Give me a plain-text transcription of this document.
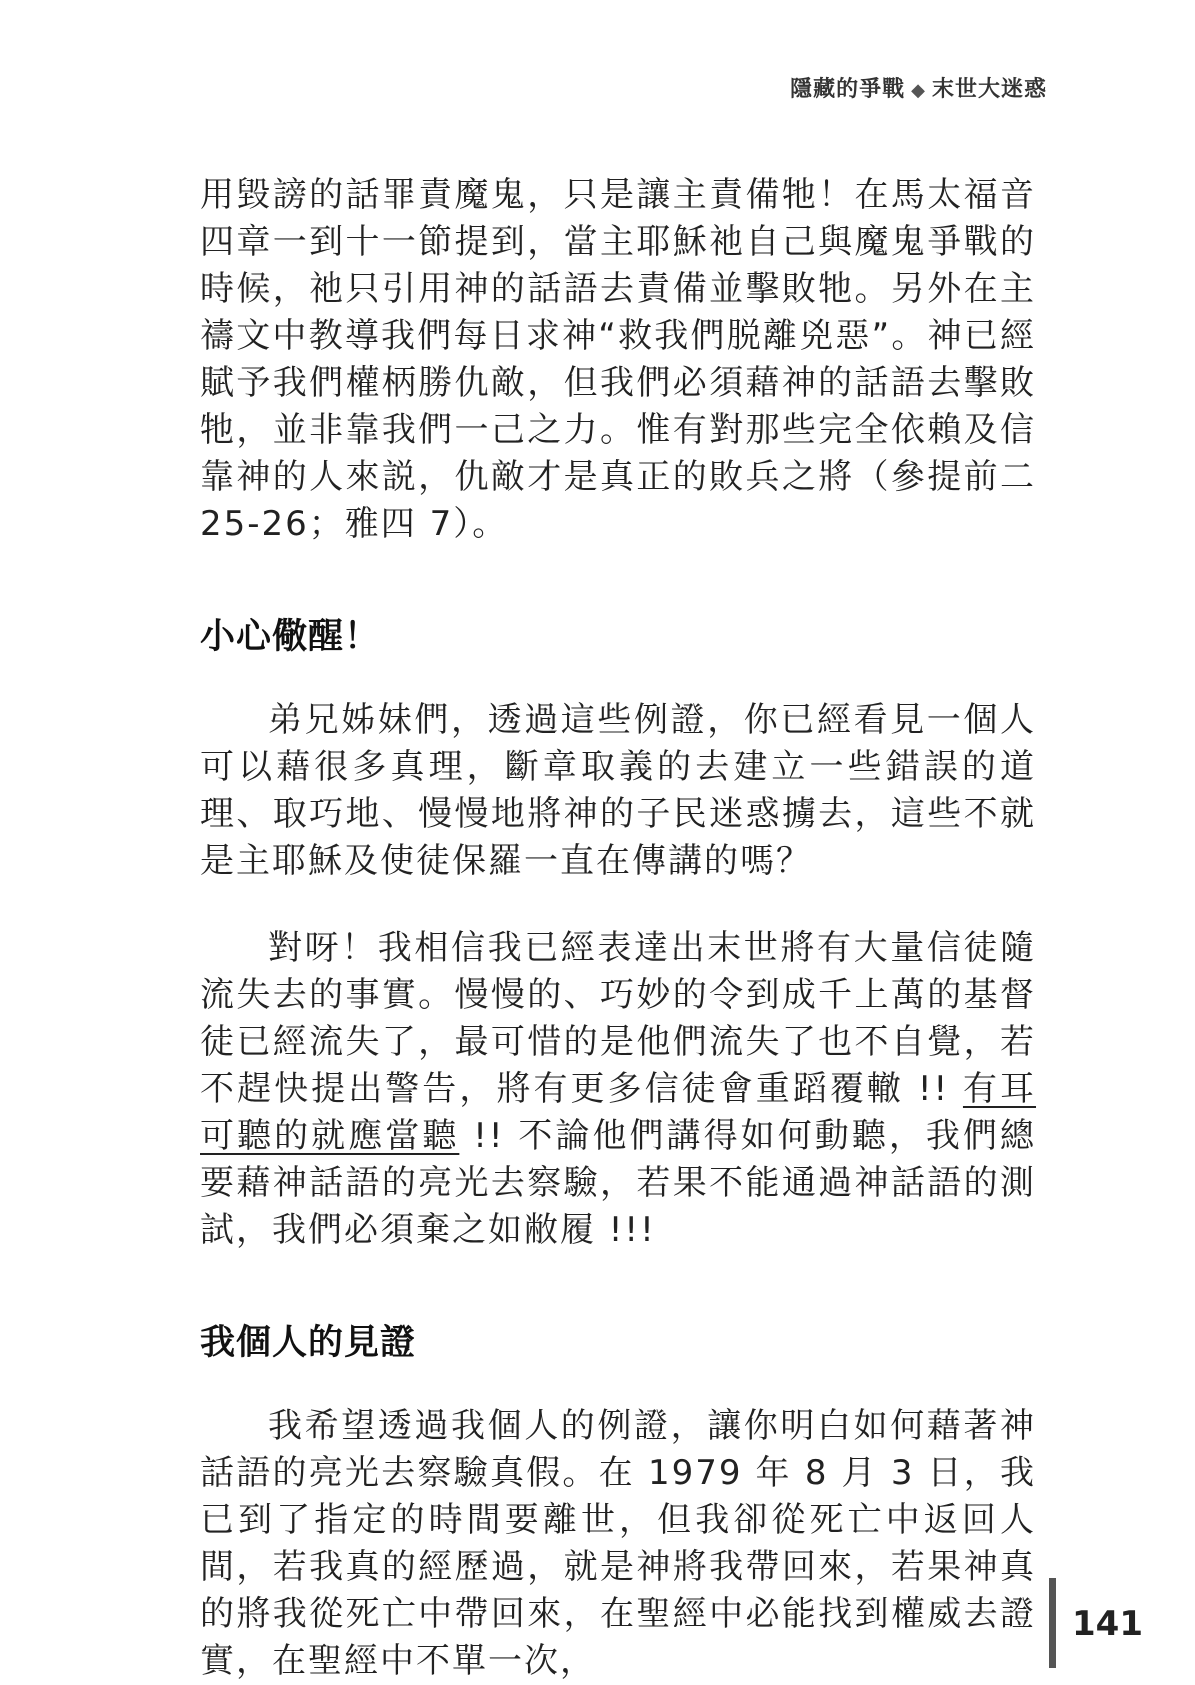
隱藏的爭戰 ◆ 末世大迷惑

用毀謗的話罪責魔鬼，只是讓主責備牠！在馬太福音四章一到十一節提到，當主耶穌祂自己與魔鬼爭戰的時候，祂只引用神的話語去責備並擊敗牠。另外在主禱文中教導我們每日求神“救我們脱離兇惡”。神已經賦予我們權柄勝仇敵，但我們必須藉神的話語去擊敗牠，並非靠我們一己之力。惟有對那些完全依賴及信靠神的人來説，仇敵才是真正的敗兵之將（參提前二 25-26；雅四 7）。

小心儆醒！

弟兄姊妹們，透過這些例證，你已經看見一個人可以藉很多真理，斷章取義的去建立一些錯誤的道理、取巧地、慢慢地將神的子民迷惑擄去，這些不就是主耶穌及使徒保羅一直在傳講的嗎？

對呀！我相信我已經表達出末世將有大量信徒隨流失去的事實。慢慢的、巧妙的令到成千上萬的基督徒已經流失了，最可惜的是他們流失了也不自覺，若不趕快提出警告，將有更多信徒會重蹈覆轍 !! 有耳可聽的就應當聽 !! 不論他們講得如何動聽，我們總要藉神話語的亮光去察驗，若果不能通過神話語的測試，我們必須棄之如敝履 !!!

我個人的見證

我希望透過我個人的例證，讓你明白如何藉著神話語的亮光去察驗真假。在 1979 年 8 月 3 日，我已到了指定的時間要離世，但我卻從死亡中返回人間，若我真的經歷過，就是神將我帶回來，若果神真的將我從死亡中帶回來，在聖經中必能找到權威去證實，在聖經中不單一次，

141
